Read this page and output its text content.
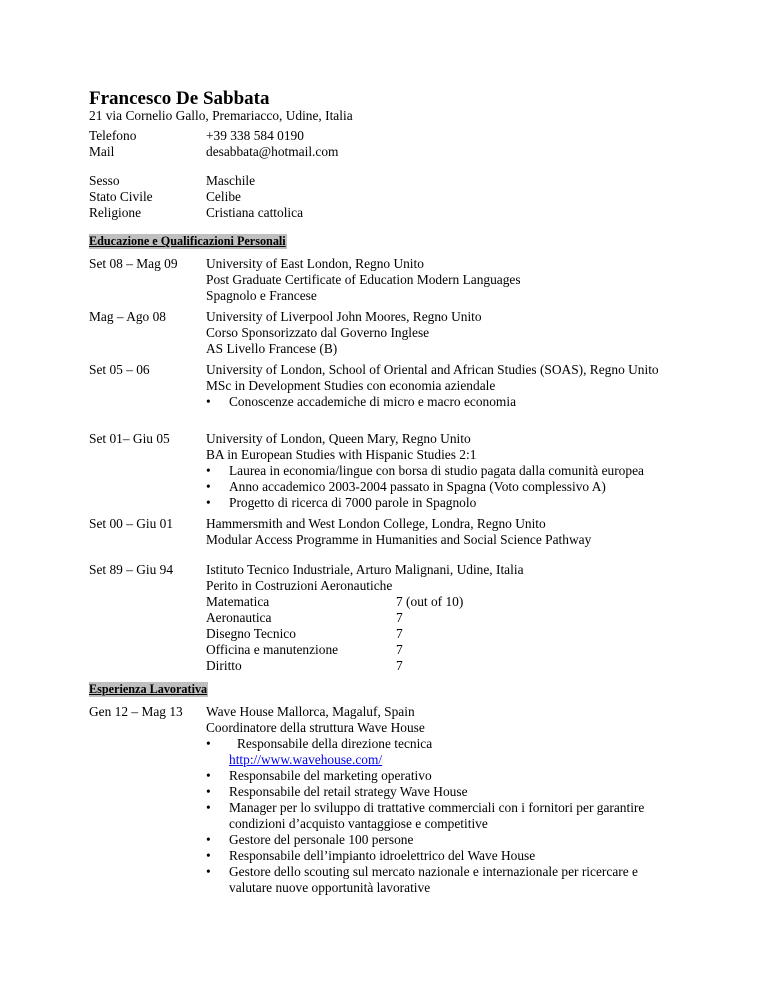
Francesco De Sabbata
21 via Cornelio Gallo, Premariacco, Udine, Italia
Telefono	+39 338 584 0190
Mail	desabbata@hotmail.com
Sesso	Maschile
Stato Civile	Celibe
Religione	Cristiana cattolica
Educazione e Qualificazioni Personali
Set 08 – Mag 09	University of East London, Regno Unito
Post Graduate Certificate of Education Modern Languages
Spagnolo e Francese
Mag – Ago 08	University of Liverpool John Moores, Regno Unito
Corso Sponsorizzato dal Governo Inglese
AS Livello Francese (B)
Set 05 – 06	University of London, School of Oriental and African Studies (SOAS), Regno Unito
MSc in Development Studies con economia aziendale
•	Conoscenze accademiche di micro e macro economia
Set 01– Giu 05	University of London, Queen Mary, Regno Unito
BA in European Studies with Hispanic Studies 2:1
•	Laurea in economia/lingue con borsa di studio pagata dalla comunità europea
•	Anno accademico 2003-2004 passato in Spagna (Voto complessivo A)
•	Progetto di ricerca di 7000 parole in Spagnolo
Set 00 – Giu 01	Hammersmith and West London College, Londra, Regno Unito
Modular Access Programme in Humanities and Social Science Pathway
Set 89 – Giu 94	Istituto Tecnico Industriale, Arturo Malignani, Udine, Italia
Perito in Costruzioni Aeronautiche
Matematica	7 (out of 10)
Aeronautica	7
Disegno Tecnico	7
Officina e manutenzione	7
Diritto	7
Esperienza Lavorativa
Gen 12 – Mag 13	Wave House Mallorca, Magaluf, Spain
Coordinatore della struttura Wave House
•	Responsabile della direzione tecnica
http://www.wavehouse.com/
•	Responsabile del marketing operativo
•	Responsabile del retail strategy Wave House
•	Manager per lo sviluppo di trattative commerciali con i fornitori per garantire condizioni d’acquisto vantaggiose e competitive
•	Gestore del personale 100 persone
•	Responsabile dell’impianto idroelettrico del Wave House
•	Gestore dello scouting sul mercato nazionale e internazionale per ricercare e valutare nuove opportunità lavorative
